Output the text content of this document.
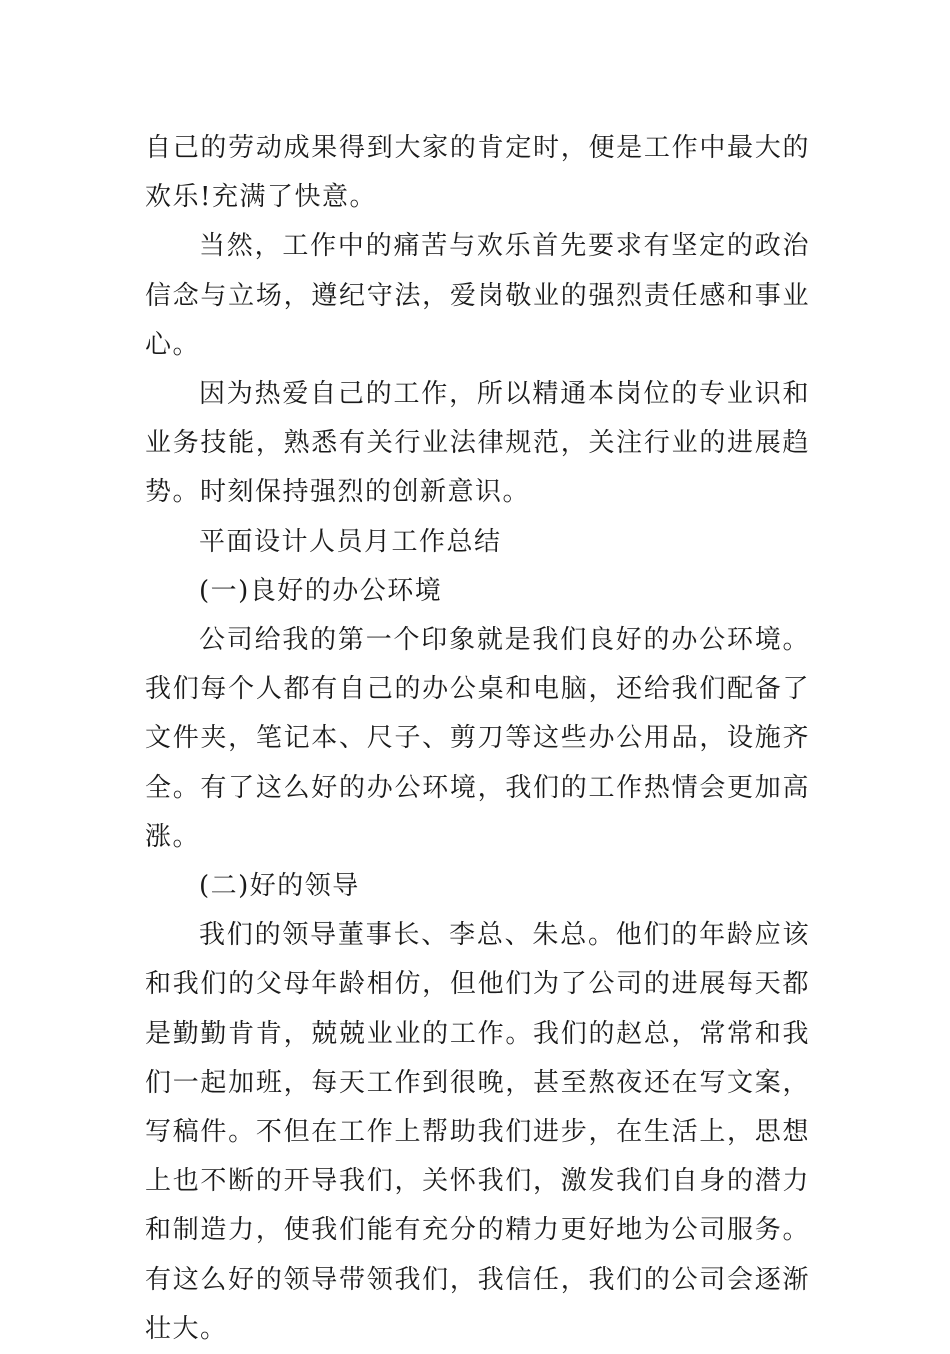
自己的劳动成果得到大家的肯定时，便是工作中最大的欢乐!充满了快意。

当然，工作中的痛苦与欢乐首先要求有坚定的政治信念与立场，遵纪守法，爱岗敬业的强烈责任感和事业心。

因为热爱自己的工作，所以精通本岗位的专业识和业务技能，熟悉有关行业法律规范，关注行业的进展趋势。时刻保持强烈的创新意识。

平面设计人员月工作总结

(一)良好的办公环境

公司给我的第一个印象就是我们良好的办公环境。我们每个人都有自己的办公桌和电脑，还给我们配备了文件夹，笔记本、尺子、剪刀等这些办公用品，设施齐全。有了这么好的办公环境，我们的工作热情会更加高涨。

(二)好的领导

我们的领导董事长、李总、朱总。他们的年龄应该和我们的父母年龄相仿，但他们为了公司的进展每天都是勤勤肯肯，兢兢业业的工作。我们的赵总，常常和我们一起加班，每天工作到很晚，甚至熬夜还在写文案，写稿件。不但在工作上帮助我们进步，在生活上，思想上也不断的开导我们，关怀我们，激发我们自身的潜力和制造力，使我们能有充分的精力更好地为公司服务。有这么好的领导带领我们，我信任，我们的公司会逐渐壮大。
